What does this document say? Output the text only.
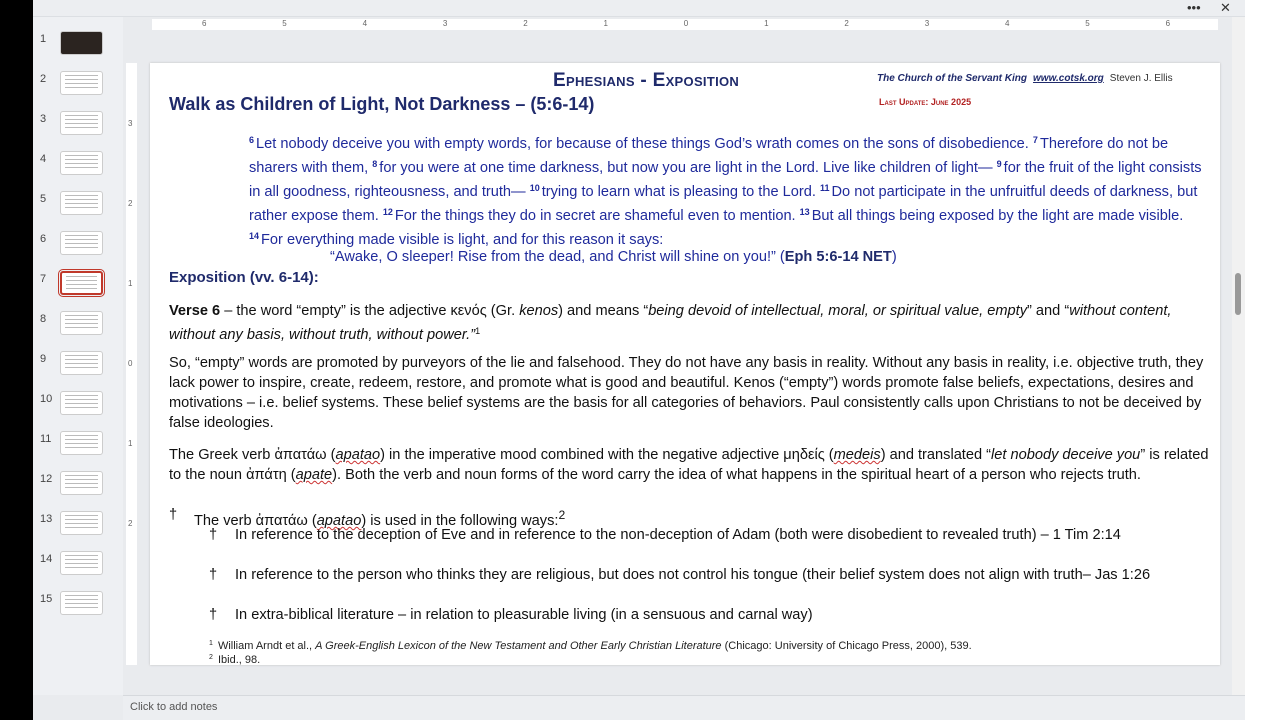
••• ✕
1
2
3
4
5
6
7
8
9
10
11
12
13
14
15
6	5	4	3	2	1	0	1	2	3	4	5	6
3
2
1
0
1
2
Ephesians - Exposition	The Church of the Servant King www.cotsk.org Steven J. Ellis
Last Update: June 2025
Walk as Children of Light, Not Darkness – (5:6-14)
$^6$ Let nobody deceive you with empty words, for because of these things God’s wrath comes on the sons of disobedience. $^7$ Therefore do not be sharers with them, $^8$ for you were at one time darkness, but now you are light in the Lord. Live like children of light— $^9$ for the fruit of the light consists in all goodness, righteousness, and truth— $^{10}$ trying to learn what is pleasing to the Lord. $^{11}$ Do not participate in the unfruitful deeds of darkness, but rather expose them. $^{12}$ For the things they do in secret are shameful even to mention. $^{13}$ But all things being exposed by the light are made visible. $^{14}$ For everything made visible is light, and for this reason it says:
“Awake, O sleeper! Rise from the dead, and Christ will shine on you!” (Eph 5:6-14 NET)
Exposition (vv. 6-14):
Verse 6 – the word “empty” is the adjective κενός (Gr. kenos) and means “being devoid of intellectual, moral, or spiritual value, empty” and “without content, without any basis, without truth, without power.”$^1$
So, “empty” words are promoted by purveyors of the lie and falsehood. They do not have any basis in reality. Without any basis in reality, i.e. objective truth, they lack power to inspire, create, redeem, restore, and promote what is good and beautiful. Kenos (“empty”) words promote false beliefs, expectations, desires and motivations – i.e. belief systems. These belief systems are the basis for all categories of behaviors. Paul consistently calls upon Christians to not be deceived by false ideologies.
The Greek verb ἀπατάω (apatao) in the imperative mood combined with the negative adjective μηδείς (medeis) and translated “let nobody deceive you” is related to the noun ἀπάτη (apate). Both the verb and noun forms of the word carry the idea of what happens in the spiritual heart of a person who rejects truth.
† The verb ἀπατάω (apatao) is used in the following ways:$^2$
† In reference to the deception of Eve and in reference to the non-deception of Adam (both were disobedient to revealed truth) – 1 Tim 2:14
† In reference to the person who thinks they are religious, but does not control his tongue (their belief system does not align with truth– Jas 1:26
† In extra-biblical literature – in relation to pleasurable living (in a sensuous and carnal way)
$^1$ William Arndt et al., A Greek-English Lexicon of the New Testament and Other Early Christian Literature (Chicago: University of Chicago Press, 2000), 539.
$^2$ Ibid., 98.
Click to add notes
